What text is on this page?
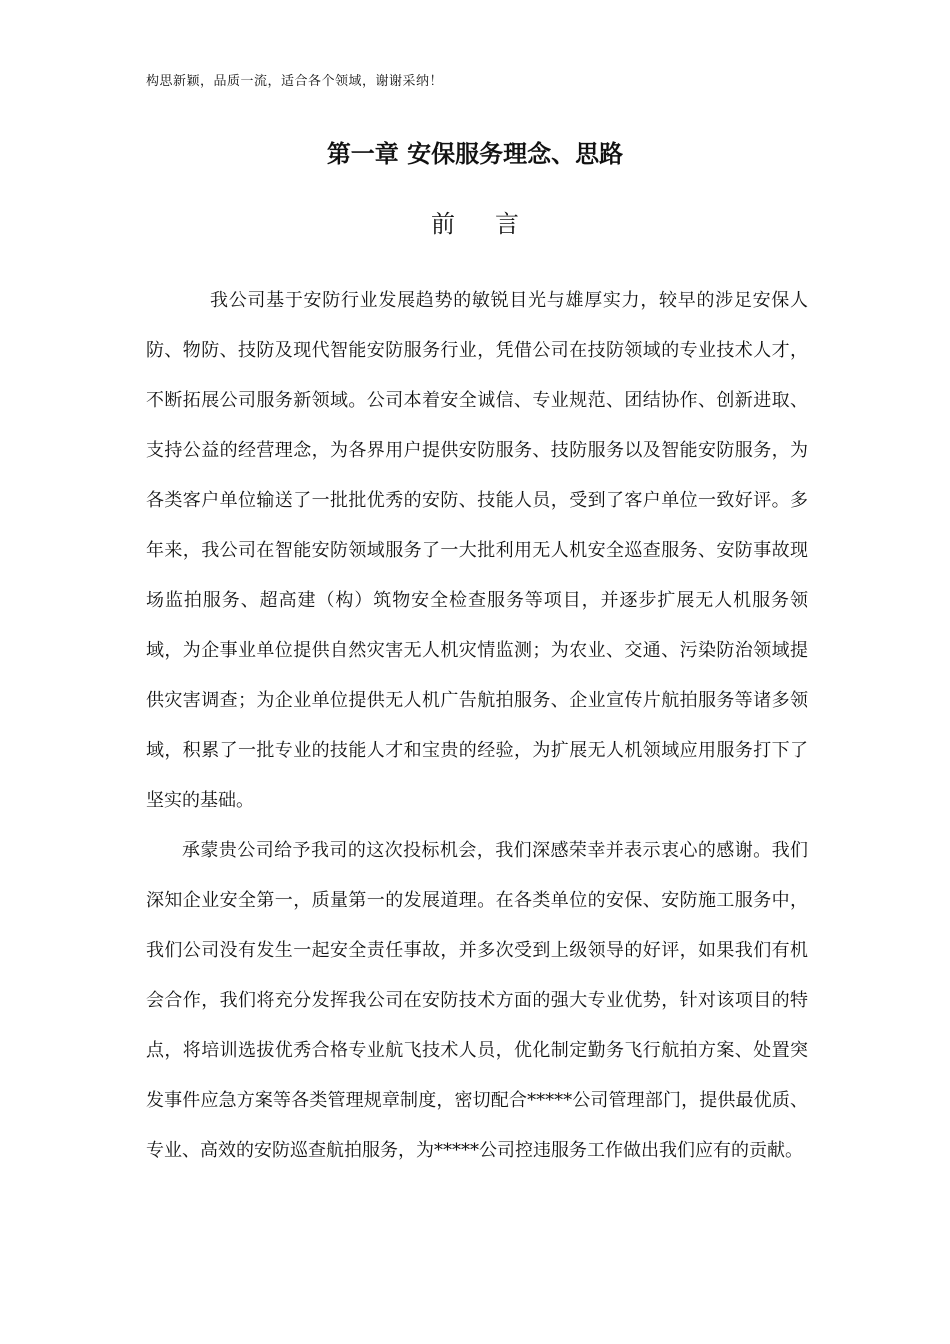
构思新颖，品质一流，适合各个领域，谢谢采纳！
第一章 安保服务理念、思路
前言

我公司基于安防行业发展趋势的敏锐目光与雄厚实力，较早的涉足安保人防、物防、技防及现代智能安防服务行业，凭借公司在技防领域的专业技术人才，不断拓展公司服务新领域。公司本着安全诚信、专业规范、团结协作、创新进取、支持公益的经营理念，为各界用户提供安防服务、技防服务以及智能安防服务，为各类客户单位输送了一批批优秀的安防、技能人员，受到了客户单位一致好评。多年来，我公司在智能安防领域服务了一大批利用无人机安全巡查服务、安防事故现场监拍服务、超高建（构）筑物安全检查服务等项目，并逐步扩展无人机服务领域，为企事业单位提供自然灾害无人机灾情监测；为农业、交通、污染防治领域提供灾害调查；为企业单位提供无人机广告航拍服务、企业宣传片航拍服务等诸多领域，积累了一批专业的技能人才和宝贵的经验，为扩展无人机领域应用服务打下了坚实的基础。

承蒙贵公司给予我司的这次投标机会，我们深感荣幸并表示衷心的感谢。我们深知企业安全第一，质量第一的发展道理。在各类单位的安保、安防施工服务中，我们公司没有发生一起安全责任事故，并多次受到上级领导的好评，如果我们有机会合作，我们将充分发挥我公司在安防技术方面的强大专业优势，针对该项目的特点，将培训选拔优秀合格专业航飞技术人员，优化制定勤务飞行航拍方案、处置突发事件应急方案等各类管理规章制度，密切配合*****公司管理部门，提供最优质、专业、高效的安防巡查航拍服务，为*****公司控违服务工作做出我们应有的贡献。
